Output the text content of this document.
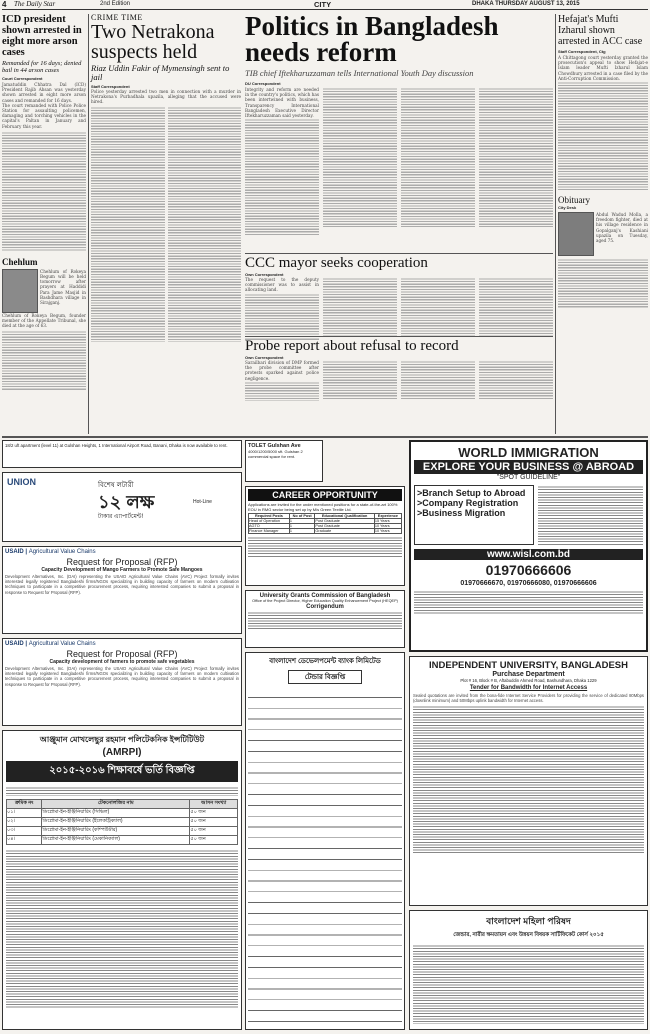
4 The Daily Star	2nd Edition	CITY	DHAKA THURSDAY AUGUST 13, 2015
ICD president shown arrested in eight more arson cases
Remanded for 16 days; denied bail in 44 arson cases
Court Correspondent
Jamatuddin Chhatra Dal (ICD) President Rajib Ahsan was yesterday shown arrested in eight more arson cases and remanded for 16 days.
The court remanded with Police Police Station for assaulting policemen, damaging and torching vehicles in the capital's Paltan in January and February this year.
Chehlum
Chehlum of Rokeya Begum will be held tomorrow after prayers at Haddidi Para Jame Masjid in Bashdhara village in Sirajganj.
Chehlum of Rokeya Begum, founder member of the Appellate Tribunal, she died at the age of 63.
CRIME TIME
Two Netrakona suspects held
Riaz Uddin Fakir of Mymensingh sent to jail
Staff Correspondent
Police yesterday arrested two men in connection with a murder in Netrakona's Purbadhala upazila, alleging that the accused were hired.
Politics in Bangladesh needs reform
TIB chief Iftekharuzzaman tells International Youth Day discussion
DU Correspondent
Integrity and reform are needed in the country's politics, which has been intertwined with business, Transparency International Bangladesh Executive Director Iftekharuzzaman said yesterday.
Hefajat's Mufti Izharul shown arrested in ACC case
Staff Correspondent, Ctg
A Chittagong court yesterday granted the prosecution's appeal to show Hefajat-e Islam leader Mufti Izharul Islam Chowdhury arrested in a case filed by the Anti-Corruption Commission.
Obituary
City Desk
Abdul Wadud Molla, a freedom fighter, died at his village residence in Gopalganj's Kashiani upazila on Tuesday, aged 75.
CCC mayor seeks cooperation
Own Correspondent
The request to the deputy commissioner was to assist in allocating land.
Probe report about refusal to record
Own Correspondent
Sarailbari division of DMP formed the probe committee after protests sparked against police negligence.
18/2 uft apartment (level 11) at Gulshan Heights, 1 International Airport Road, Banani, Dhaka is now available to rent.	TOLET Gulshan Ave
4000/1200/5000 sft. Gulshan 2 commercial space for rent.
UNION	বিশেষ লটারী
১২ লক্ষ
টাকার এ্যাপার্টমেন্ট!
Hot-Line
USAID | Agricultural Value Chains
Request for Proposal (RFP)
Capacity Development of Mango Farmers to Promote Safe Mangoes
Development Alternatives, Inc. (DAI) representing the USAID Agricultural Value Chains (AVC) Project formally invites interested legally registered Bangladeshi firms/NGOs specializing in building capacity of farmers on modern cultivation techniques to participate in a competitive procurement process, requiring interested companies to submit a proposal in response to Request for Proposal (RFP).
USAID | Agricultural Value Chains
Request for Proposal (RFP)
Capacity development of farmers to promote safe vegetables
Development Alternatives, Inc. (DAI) representing the USAID Agricultural Value Chains (AVC) Project formally invites interested legally registered Bangladeshi firms/NGOs specializing in building capacity of farmers on modern cultivation techniques to participate in a competitive procurement process, requiring interested companies to submit a proposal in response to Request for Proposal (RFP).
আঞ্জুমান মোখলেছুর রহমান পলিটেকনিক ইন্সটিটিউট
(AMRPI)
২০১৫-২০১৬ শিক্ষাবর্ষে ভর্তি বিজ্ঞপ্তি
ক্রমিক নং	টেকনোলজির নাম	আসন সংখ্যা
০১।	ডিপ্লোমা-ইন-ইঞ্জিনিয়ারিং (সিভিল)	৫০ জন
০২।	ডিপ্লোমা-ইন-ইঞ্জিনিয়ারিং (ইলেকট্রিক্যাল)	৫০ জন
০৩।	ডিপ্লোমা-ইন-ইঞ্জিনিয়ারিং (কম্পিউটার)	৫০ জন
০৪।	ডিপ্লোমা-ইন-ইঞ্জিনিয়ারিং (মেকানিক্যাল)	৫০ জন
CAREER OPPORTUNITY
Applications are invited for the under mentioned positions for a state-of-the-art 100% EOU in RMG sector being set up by M/s Green Textile Ltd.
Required Posts	No of Post	Educational Qualification	Experience
Head of Operation	1	Post Graduate	15 Years
AGTO	1	Post Graduate	10 Years
Finance Manager	1	Graduate	10 Years
University Grants Commission of Bangladesh
Office of the Project Director, Higher Education Quality Enhancement Project (HEQEP)
Corrigendum
বাংলাদেশ ডেভেলপমেন্ট ব্যাংক লিমিটেড
টেন্ডার বিজ্ঞপ্তি
WORLD IMMIGRATION
EXPLORE YOUR BUSINESS @ ABROAD
"SPOT GUIDELINE"
>Branch Setup to Abroad
>Company Registration
>Business Migration
www.wisl.com.bd
01970666606
01970666670, 01970666080, 01970666606
INDEPENDENT UNIVERSITY, BANGLADESH
Purchase Department
Plot # 16, Block # B, Aftabuddin Ahmed Road, Bashundhara, Dhaka 1229
Tender for Bandwidth for Internet Access
Sealed quotations are invited from the bona-fide Internet Service Providers for providing the service of dedicated 80Mbps (downlink minimum) and 50Mbps uplink bandwidth for Internet access.
বাংলাদেশ মহিলা পরিষদ
জেন্ডার, নারীর ক্ষমতায়ন এবং উন্নয়ন বিষয়ক সার্টিফিকেট কোর্স ২০১৫
